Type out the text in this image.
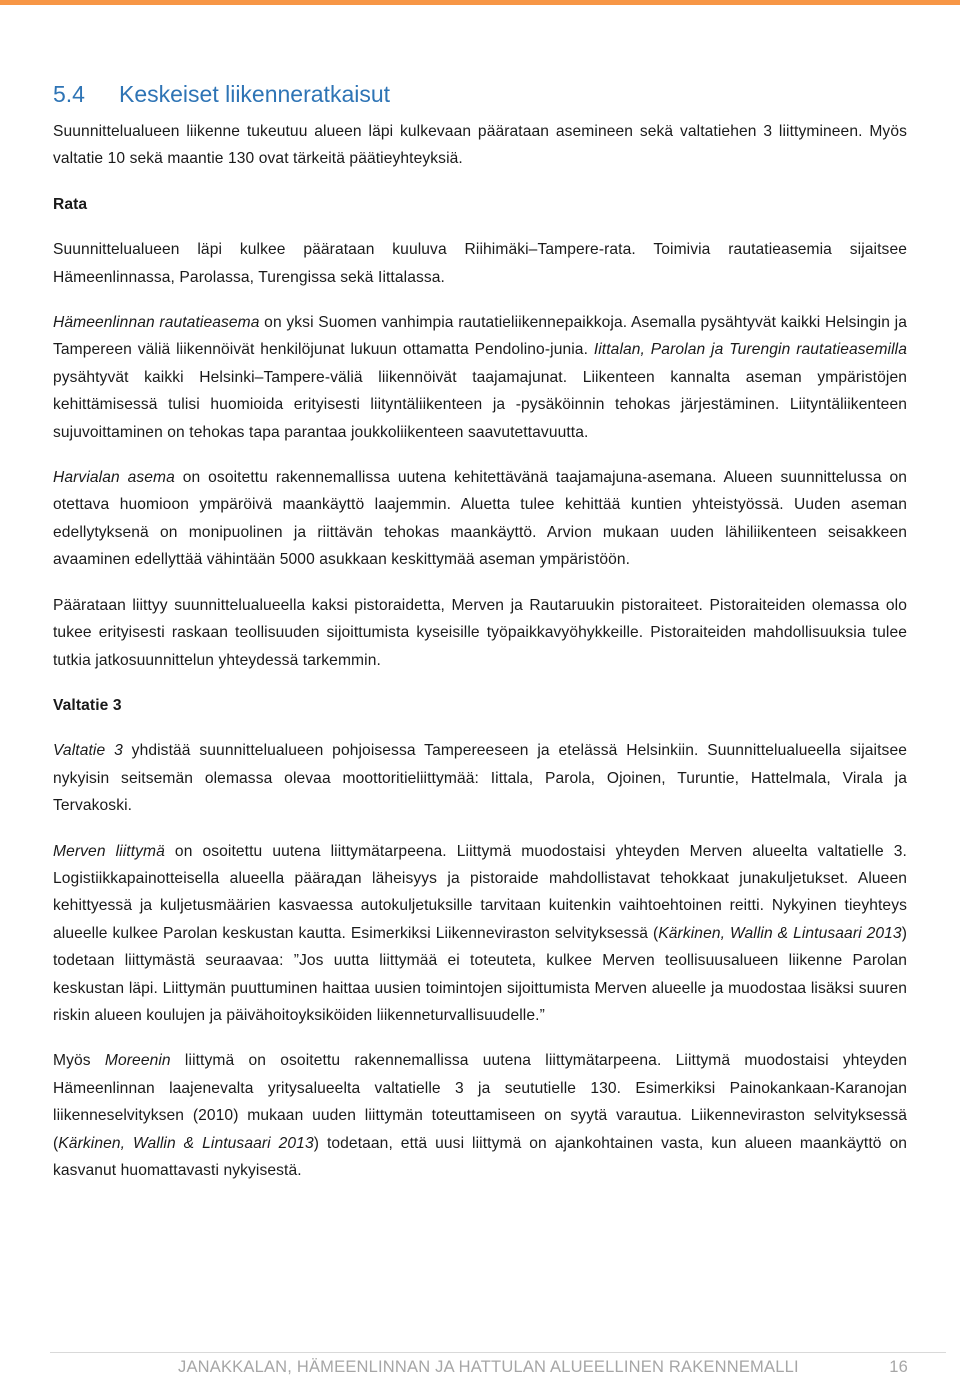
5.4 Keskeiset liikenneratkaisut

Suunnittelualueen liikenne tukeutuu alueen läpi kulkevaan päärataan asemineen sekä valtatiehen 3 liittymineen. Myös valtatie 10 sekä maantie 130 ovat tärkeitä päätieyhteyksiä.

Rata

Suunnittelualueen läpi kulkee päärataan kuuluva Riihimäki–Tampere-rata. Toimivia rautatieasemia sijaitsee Hämeenlinnassa, Parolassa, Turengissa sekä Iittalassa.

Hämeenlinnan rautatieasema on yksi Suomen vanhimpia rautatieliikennepaikkoja. Asemalla pysähtyvät kaikki Helsingin ja Tampereen väliä liikennöivät henkilöjunat lukuun ottamatta Pendolino-junia. Iittalan, Parolan ja Turengin rautatieasemilla pysähtyvät kaikki Helsinki–Tampere-väliä liikennöivät taajamajunat. Liikenteen kannalta aseman ympäristöjen kehittämisessä tulisi huomioida erityisesti liityntäliikenteen ja -pysäköinnin tehokas järjestäminen. Liityntäliikenteen sujuvoittaminen on tehokas tapa parantaa joukkoliikenteen saavutettavuutta.

Harvialan asema on osoitettu rakennemallissa uutena kehitettävänä taajamajuna-asemana. Alueen suunnittelussa on otettava huomioon ympäröivä maankäyttö laajemmin. Aluetta tulee kehittää kuntien yhteistyössä. Uuden aseman edellytyksenä on monipuolinen ja riittävän tehokas maankäyttö. Arvion mukaan uuden lähiliikenteen seisakkeen avaaminen edellyttää vähintään 5000 asukkaan keskittymää aseman ympäristöön.

Päärataan liittyy suunnittelualueella kaksi pistoraidetta, Merven ja Rautaruukin pistoraiteet. Pistoraiteiden olemassa olo tukee erityisesti raskaan teollisuuden sijoittumista kyseisille työpaikkavyöhykkeille. Pistoraiteiden mahdollisuuksia tulee tutkia jatkosuunnittelun yhteydessä tarkemmin.

Valtatie 3

Valtatie 3 yhdistää suunnittelualueen pohjoisessa Tampereeseen ja etelässä Helsinkiin. Suunnittelualueella sijaitsee nykyisin seitsemän olemassa olevaa moottoritieliittymää: Iittala, Parola, Ojoinen, Turuntie, Hattelmala, Virala ja Tervakoski.

Merven liittymä on osoitettu uutena liittymätarpeena. Liittymä muodostaisi yhteyden Merven alueelta valtatielle 3. Logistiikkapainotteisella alueella päärадan läheisyys ja pistoraide mahdollistavat tehokkaat junakuljetukset. Alueen kehittyessä ja kuljetusmäärien kasvaessa autokuljetuksille tarvitaan kuitenkin vaihtoehtoinen reitti. Nykyinen tieyhteys alueelle kulkee Parolan keskustan kautta. Esimerkiksi Liikenneviraston selvityksessä (Kärkinen, Wallin & Lintusaari 2013) todetaan liittymästä seuraavaa: ”Jos uutta liittymää ei toteuteta, kulkee Merven teollisuusalueen liikenne Parolan keskustan läpi. Liittymän puuttuminen haittaa uusien toimintojen sijoittumista Merven alueelle ja muodostaa lisäksi suuren riskin alueen koulujen ja päivähoitoyksiköiden liikenneturvallisuudelle.”

Myös Moreenin liittymä on osoitettu rakennemallissa uutena liittymätarpeena. Liittymä muodostaisi yhteyden Hämeenlinnan laajenevalta yritysalueelta valtatielle 3 ja seututielle 130. Esimerkiksi Painokankaan-Karanojan liikenneselvityksen (2010) mukaan uuden liittymän toteuttamiseen on syytä varautua. Liikenneviraston selvityksessä (Kärkinen, Wallin & Lintusaari 2013) todetaan, että uusi liittymä on ajankohtainen vasta, kun alueen maankäyttö on kasvanut huomattavasti nykyisestä.

JANAKKALAN, HÄMEENLINNAN JA HATTULAN ALUEELLINEN RAKENNEMALLI	16
